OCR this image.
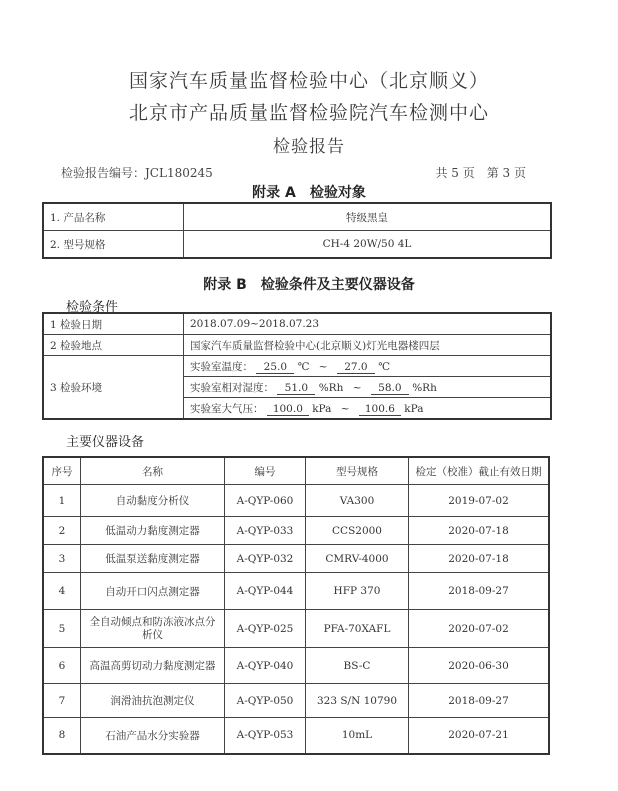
国家汽车质量监督检验中心（北京顺义）
北京市产品质量监督检验院汽车检测中心
检验报告
检验报告编号：JCL180245	共 5 页　第 3 页
附录 A　检验对象
1. 产品名称	特级黑皇
2. 型号规格	CH-4 20W/50 4L
附录 B　检验条件及主要仪器设备
检验条件
1 检验日期	2018.07.09~2018.07.23
2 检验地点	国家汽车质量监督检验中心(北京顺义)灯光电器楼四层
3 检验环境	实验室温度： 25.0 ℃ ~ 27.0 ℃
	实验室相对湿度： 51.0 %Rh ~ 58.0 %Rh
	实验室大气压： 100.0 kPa ~ 100.6 kPa
主要仪器设备
序号	名称	编号	型号规格	检定（校准）截止有效日期
1	自动黏度分析仪	A-QYP-060	VA300	2019-07-02
2	低温动力黏度测定器	A-QYP-033	CCS2000	2020-07-18
3	低温泵送黏度测定器	A-QYP-032	CMRV-4000	2020-07-18
4	自动开口闪点测定器	A-QYP-044	HFP 370	2018-09-27
5	全自动倾点和防冻液冰点分析仪	A-QYP-025	PFA-70XAFL	2020-07-02
6	高温高剪切动力黏度测定器	A-QYP-040	BS-C	2020-06-30
7	润滑油抗泡测定仪	A-QYP-050	323 S/N 10790	2018-09-27
8	石油产品水分实验器	A-QYP-053	10mL	2020-07-21
